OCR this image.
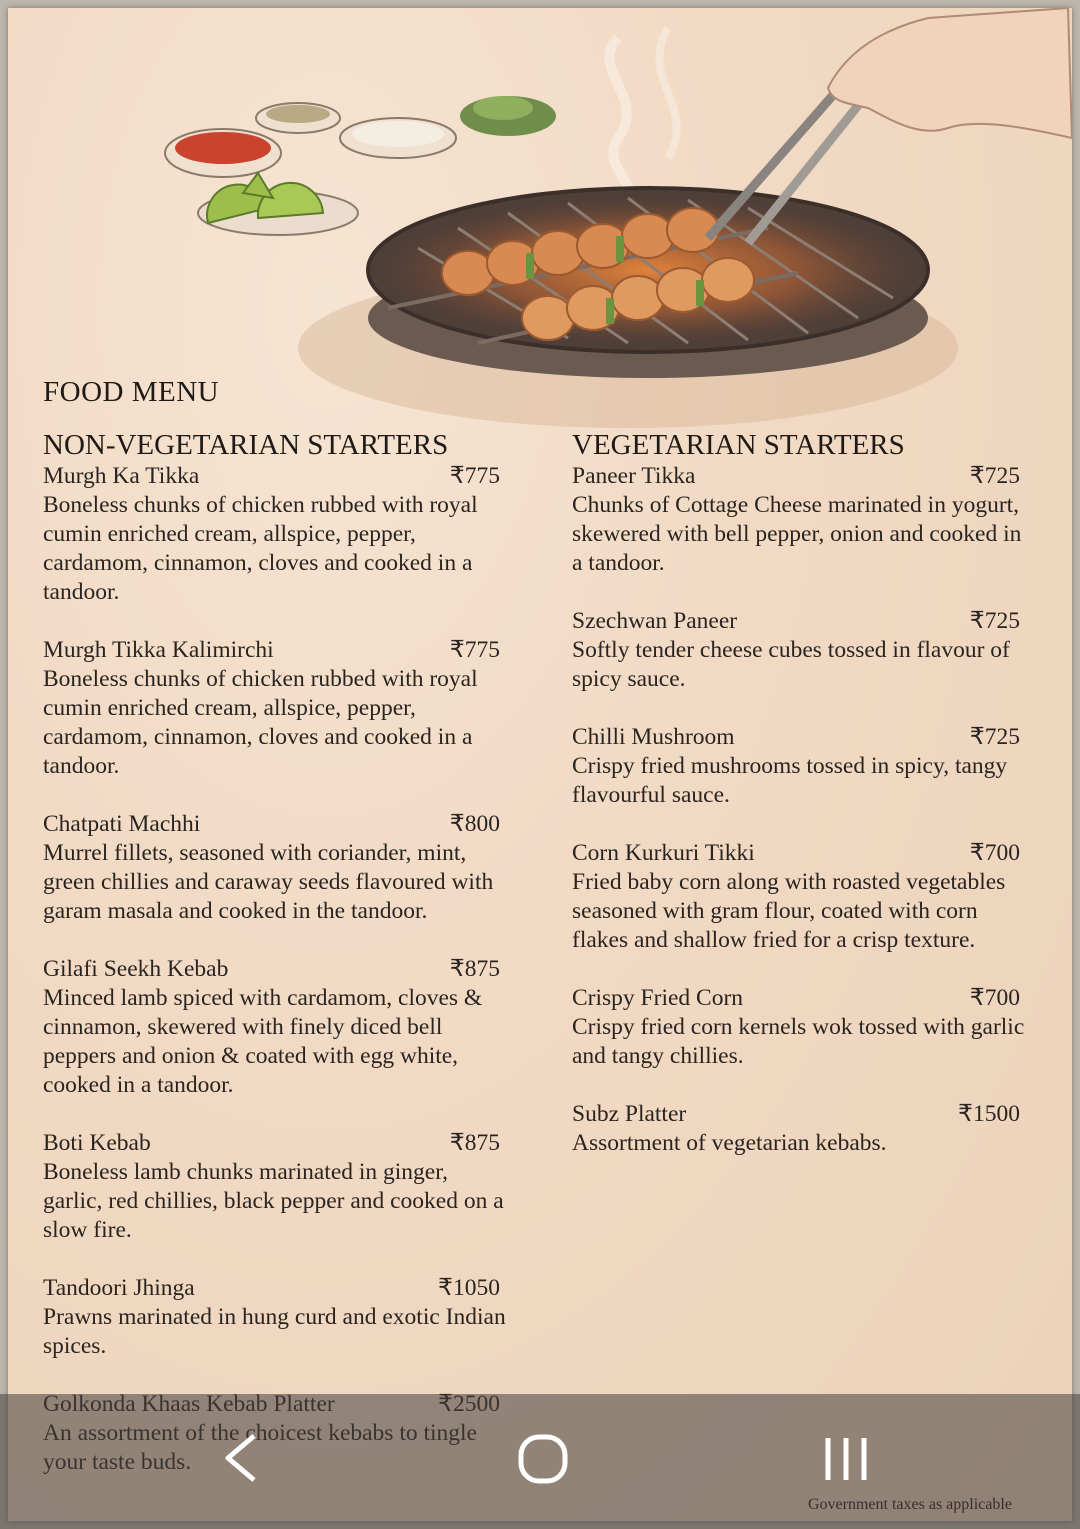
FOOD MENU
NON-VEGETARIAN STARTERS
Murgh Ka Tikka	₹775

Boneless chunks of chicken rubbed with royal cumin enriched cream, allspice, pepper, cardamom, cinnamon, cloves and cooked in a tandoor.

Murgh Tikka Kalimirchi	₹775

Boneless chunks of chicken rubbed with royal cumin enriched cream, allspice, pepper, cardamom, cinnamon, cloves and cooked in a tandoor.

Chatpati Machhi	₹800

Murrel fillets, seasoned with coriander, mint, green chillies and caraway seeds flavoured with garam masala and cooked in the tandoor.

Gilafi Seekh Kebab	₹875

Minced lamb spiced with cardamom, cloves & cinnamon, skewered with finely diced bell peppers and onion & coated with egg white, cooked in a tandoor.

Boti Kebab	₹875

Boneless lamb chunks marinated in ginger, garlic, red chillies, black pepper and cooked on a slow fire.

Tandoori Jhinga	₹1050

Prawns marinated in hung curd and exotic Indian spices.

VEGETARIAN STARTERS
Paneer Tikka	₹725

Chunks of Cottage Cheese marinated in yogurt, skewered with bell pepper, onion and cooked in a tandoor.

Szechwan Paneer	₹725

Softly tender cheese cubes tossed in flavour of spicy sauce.

Chilli Mushroom	₹725

Crispy fried mushrooms tossed in spicy, tangy flavourful sauce.

Corn Kurkuri Tikki	₹700

Fried baby corn along with roasted vegetables seasoned with gram flour, coated with corn flakes and shallow fried for a crisp texture.

Crispy Fried Corn	₹700

Crispy fried corn kernels wok tossed with garlic and tangy chillies.

Subz Platter	₹1500

Assortment of vegetarian kebabs.
